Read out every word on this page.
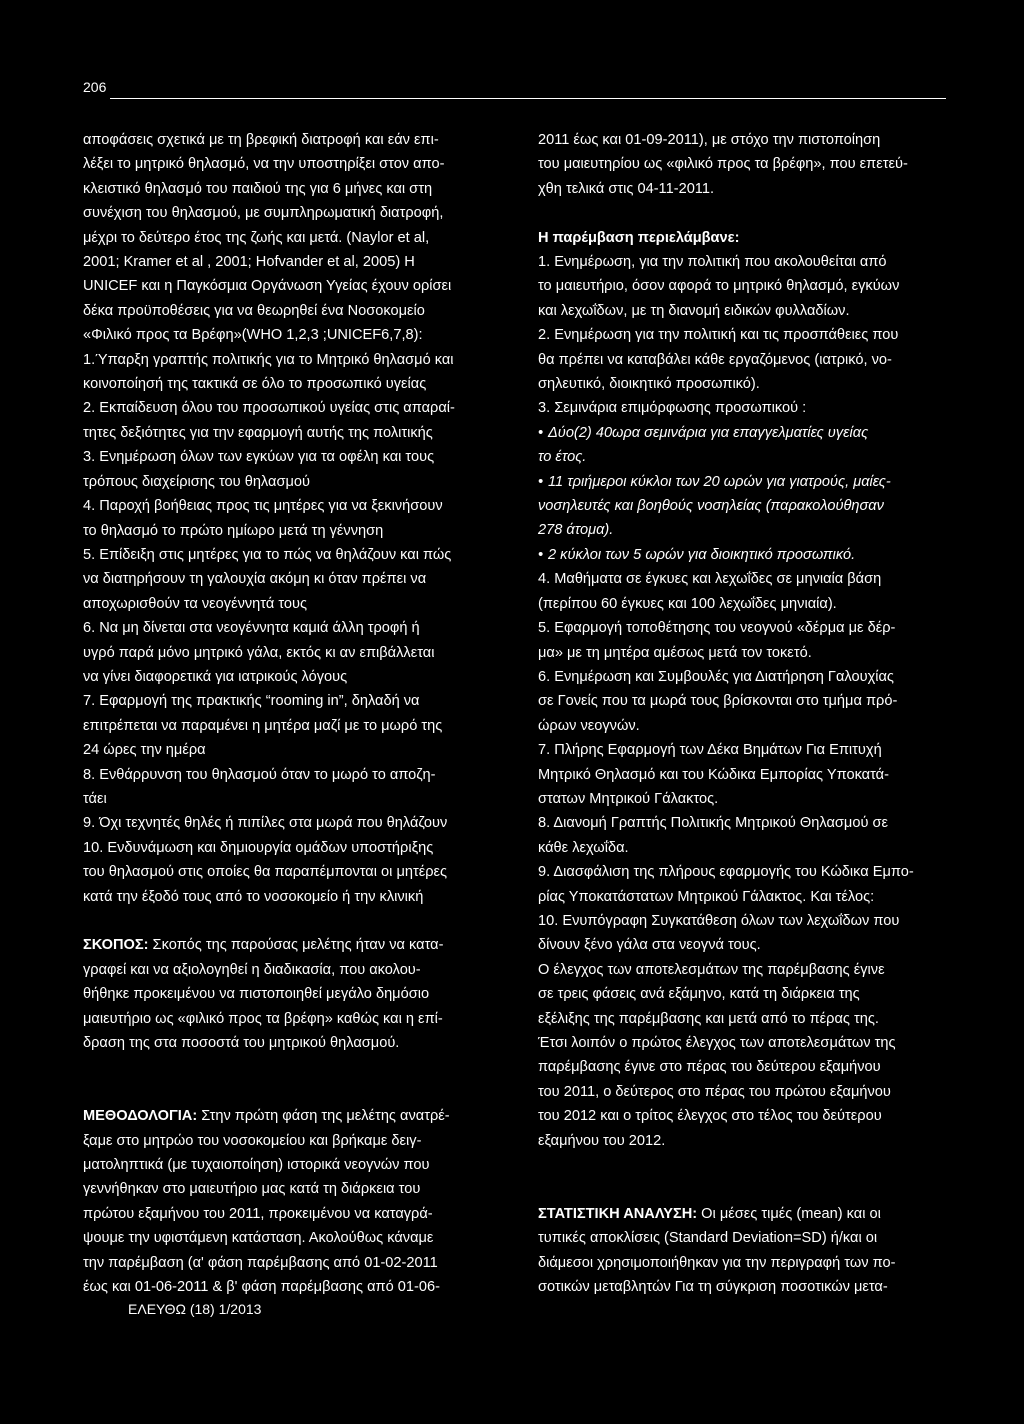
206

αποφάσεις σχετικά με τη βρεφική διατροφή και εάν επι-

λέξει το μητρικό θηλασμό, να την υποστηρίξει στον απο-

κλειστικό θηλασμό του παιδιού της για 6 μήνες και στη

συνέχιση του θηλασμού, με συμπληρωματική διατροφή,

μέχρι το δεύτερο έτος της ζωής και μετά. (Naylor et al,

2001; Kramer et al , 2001; Hofvander et al, 2005) Η

UNICEF και η Παγκόσμια Οργάνωση Υγείας έχουν ορίσει

δέκα προϋποθέσεις για να θεωρηθεί ένα Νοσοκομείο

«Φιλικό προς τα Βρέφη»(WHO 1,2,3 ;UNICEF6,7,8):

1.Ύπαρξη γραπτής πολιτικής για το Μητρικό θηλασμό και

κοινοποίησή της τακτικά σε όλο το προσωπικό υγείας

2. Εκπαίδευση όλου του προσωπικού υγείας στις απαραί-

τητες δεξιότητες για την εφαρμογή αυτής της πολιτικής

3. Ενημέρωση όλων των εγκύων για τα οφέλη και τους

τρόπους διαχείρισης του θηλασμού

4. Παροχή βοήθειας προς τις μητέρες για να ξεκινήσουν

το θηλασμό το πρώτο ημίωρο μετά τη γέννηση

5. Επίδειξη στις μητέρες για το πώς να θηλάζουν και πώς

να διατηρήσουν τη γαλουχία ακόμη κι όταν πρέπει να

αποχωρισθούν τα νεογέννητά τους

6. Να μη δίνεται στα νεογέννητα καμιά άλλη τροφή ή

υγρό παρά μόνο μητρικό γάλα, εκτός κι αν επιβάλλεται

να γίνει διαφορετικά για ιατρικούς λόγους

7. Εφαρμογή της πρακτικής “rooming in”, δηλαδή να

επιτρέπεται να παραμένει η μητέρα μαζί με το μωρό της

24 ώρες την ημέρα

8. Ενθάρρυνση του θηλασμού όταν το μωρό το αποζη-

τάει

9. Όχι τεχνητές θηλές ή πιπίλες στα μωρά που θηλάζουν

10. Ενδυνάμωση και δημιουργία ομάδων υποστήριξης

του θηλασμού στις οποίες θα παραπέμπονται οι μητέρες

κατά την έξοδό τους από το νοσοκομείο ή την κλινική

ΣΚΟΠΟΣ: Σκοπός της παρούσας μελέτης ήταν να κατα-

γραφεί και να αξιολογηθεί η διαδικασία, που ακολου-

θήθηκε προκειμένου να πιστοποιηθεί μεγάλο δημόσιο

μαιευτήριο ως «φιλικό προς τα βρέφη» καθώς και η επί-

δραση της στα ποσοστά του μητρικού θηλασμού.

ΜΕΘΟΔΟΛΟΓΙΑ: Στην πρώτη φάση της μελέτης ανατρέ-

ξαμε στο μητρώο του νοσοκομείου και βρήκαμε δειγ-

ματοληπτικά (με τυχαιοποίηση) ιστορικά νεογνών που

γεννήθηκαν στο μαιευτήριο μας κατά τη διάρκεια του

πρώτου εξαμήνου του 2011, προκειμένου να καταγρά-

ψουμε την υφιστάμενη κατάσταση. Ακολούθως κάναμε

την παρέμβαση (α' φάση παρέμβασης από 01-02-2011

έως και 01-06-2011 & β' φάση παρέμβασης από 01-06-

2011 έως και 01-09-2011), με στόχο την πιστοποίηση

του μαιευτηρίου ως «φιλικό προς τα βρέφη», που επετεύ-

χθη τελικά στις 04-11-2011.

Η παρέμβαση περιελάμβανε:

1. Ενημέρωση, για την πολιτική που ακολουθείται από

το μαιευτήριο, όσον αφορά το μητρικό θηλασμό, εγκύων

και λεχωΐδων, με τη διανομή ειδικών φυλλαδίων.

2. Ενημέρωση για την πολιτική και τις προσπάθειες που

θα πρέπει να καταβάλει κάθε εργαζόμενος (ιατρικό, νο-

σηλευτικό, διοικητικό προσωπικό).

3. Σεμινάρια επιμόρφωσης προσωπικού :

• Δύο(2) 40ωρα σεμινάρια για επαγγελματίες υγείας

το έτος.

• 11 τριήμεροι κύκλοι των 20 ωρών για γιατρούς, μαίες-

νοσηλευτές και βοηθούς νοσηλείας (παρακολούθησαν

278 άτομα).

• 2 κύκλοι των 5 ωρών για διοικητικό προσωπικό.

4. Μαθήματα σε έγκυες και λεχωΐδες σε μηνιαία βάση

(περίπου 60 έγκυες και 100 λεχωΐδες μηνιαία).

5. Εφαρμογή τοποθέτησης του νεογνού «δέρμα με δέρ-

μα» με τη μητέρα αμέσως μετά τον τοκετό.

6. Ενημέρωση και Συμβουλές για Διατήρηση Γαλουχίας

σε Γονείς που τα μωρά τους βρίσκονται στο τμήμα πρό-

ώρων νεογνών.

7. Πλήρης Εφαρμογή των Δέκα Βημάτων Για Επιτυχή

Μητρικό Θηλασμό και του Κώδικα Εμπορίας Υποκατά-

στατων Μητρικού Γάλακτος.

8. Διανομή Γραπτής Πολιτικής Μητρικού Θηλασμού σε

κάθε λεχωΐδα.

9. Διασφάλιση της πλήρους εφαρμογής του Κώδικα Εμπο-

ρίας Υποκατάστατων Μητρικού Γάλακτος. Και τέλος:

10. Ενυπόγραφη Συγκατάθεση όλων των λεχωΐδων που

δίνουν ξένο γάλα στα νεογνά τους.

Ο έλεγχος των αποτελεσμάτων της παρέμβασης έγινε

σε τρεις φάσεις ανά εξάμηνο, κατά τη διάρκεια της

εξέλιξης της παρέμβασης και μετά από το πέρας της.

Έτσι λοιπόν ο πρώτος έλεγχος των αποτελεσμάτων της

παρέμβασης έγινε στο πέρας του δεύτερου εξαμήνου

του 2011, ο δεύτερος στο πέρας του πρώτου εξαμήνου

του 2012 και ο τρίτος έλεγχος στο τέλος του δεύτερου

εξαμήνου του 2012.

ΣΤΑΤΙΣΤΙΚΗ ΑΝΑΛΥΣΗ: Οι μέσες τιμές (mean) και οι

τυπικές αποκλίσεις (Standard Deviation=SD) ή/και οι

διάμεσοι χρησιμοποιήθηκαν για την περιγραφή των πο-

σοτικών μεταβλητών Για τη σύγκριση ποσοτικών μετα-

ΕΛΕΥΘΩ (18) 1/2013
